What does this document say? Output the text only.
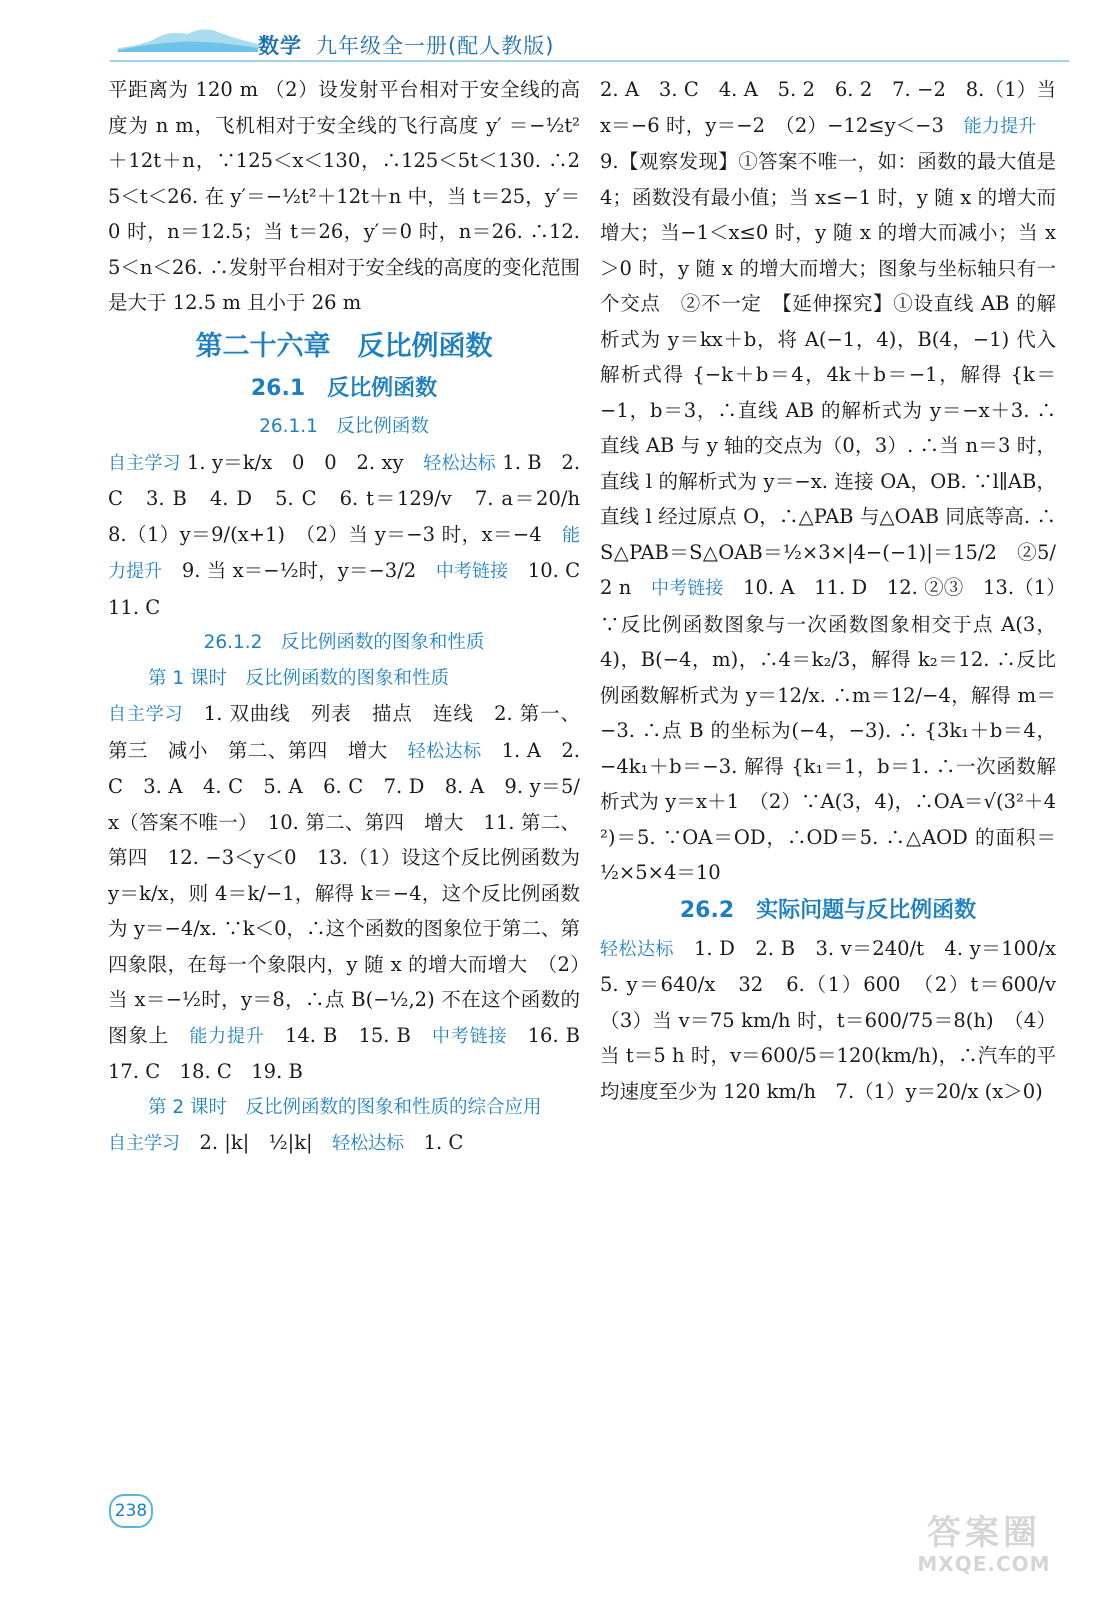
数学 九年级全一册(配人教版)

平距离为 120 m （2）设发射平台相对于安全线的高度为 n m，飞机相对于安全线的飞行高度 y′ ＝−½t² ＋12t＋n，∵125＜x＜130，∴125＜5t＜130. ∴25＜t＜26. 在 y′＝−½t²＋12t＋n 中，当 t＝25，y′＝0 时，n＝12.5；当 t＝26，y′＝0 时，n＝26. ∴12.5＜n＜26. ∴发射平台相对于安全线的高度的变化范围是大于 12.5 m 且小于 26 m

第二十六章　反比例函数
26.1　反比例函数
26.1.1　反比例函数

自主学习 1. y＝k/x　0　0　2. xy　轻松达标 1. B　2. C　3. B　4. D　5. C　6. t＝129/v　7. a＝20/h　8.（1）y＝9/(x+1)　（2）当 y＝−3 时，x＝−4　能力提升　9. 当 x＝−½时，y＝−3/2　中考链接　10. C　11. C

26.1.2　反比例函数的图象和性质
第 1 课时　反比例函数的图象和性质

自主学习　1. 双曲线　列表　描点　连线　2. 第一、第三　减小　第二、第四　增大　轻松达标　1. A　2. C　3. A　4. C　5. A　6. C　7. D　8. A　9. y＝5/x（答案不唯一）　10. 第二、第四　增大　11. 第二、第四　12. −3＜y＜0　13.（1）设这个反比例函数为 y＝k/x，则 4＝k/−1，解得 k＝−4，这个反比例函数为 y＝−4/x. ∵k＜0，∴这个函数的图象位于第二、第四象限，在每一个象限内，y 随 x 的增大而增大　（2）当 x＝−½时，y＝8，∴点 B(−½,2) 不在这个函数的图象上　能力提升　14. B　15. B　中考链接　16. B　17. C　18. C　19. B

第 2 课时　反比例函数的图象和性质的综合应用

自主学习　2. |k|　½|k|　轻松达标　1. C

2. A　3. C　4. A　5. 2　6. 2　7. −2　8.（1）当 x＝−6 时，y＝−2　（2）−12≤y＜−3　能力提升　9.【观察发现】①答案不唯一，如：函数的最大值是 4；函数没有最小值；当 x≤−1 时，y 随 x 的增大而增大；当−1＜x≤0 时，y 随 x 的增大而减小；当 x＞0 时，y 随 x 的增大而增大；图象与坐标轴只有一个交点　②不一定　【延伸探究】①设直线 AB 的解析式为 y＝kx＋b，将 A(−1，4)，B(4，−1) 代入解析式得 {−k＋b＝4，4k＋b＝−1，解得 {k＝−1，b＝3，∴直线 AB 的解析式为 y＝−x＋3. ∴直线 AB 与 y 轴的交点为（0，3）. ∴当 n＝3 时，直线 l 的解析式为 y＝−x. 连接 OA，OB. ∵l∥AB，直线 l 经过原点 O，∴△PAB 与△OAB 同底等高. ∴S△PAB＝S△OAB＝½×3×|4−(−1)|＝15/2　②5/2 n　中考链接　10. A　11. D　12. ②③　13.（1）∵反比例函数图象与一次函数图象相交于点 A(3，4)，B(−4，m)，∴4＝k₂/3，解得 k₂＝12. ∴反比例函数解析式为 y＝12/x. ∴m＝12/−4，解得 m＝−3. ∴点 B 的坐标为(−4，−3). ∴ {3k₁＋b＝4，−4k₁＋b＝−3. 解得 {k₁＝1，b＝1. ∴一次函数解析式为 y＝x＋1　（2）∵A(3，4)，∴OA＝√(3²＋4²)＝5. ∵OA＝OD，∴OD＝5. ∴△AOD 的面积＝½×5×4＝10

26.2　实际问题与反比例函数

轻松达标　1. D　2. B　3. v＝240/t　4. y＝100/x　5. y＝640/x　32　6.（1）600　（2）t＝600/v　（3）当 v＝75 km/h 时，t＝600/75＝8(h)　（4）当 t＝5 h 时，v＝600/5＝120(km/h)，∴汽车的平均速度至少为 120 km/h　7.（1）y＝20/x (x＞0)

238
答案圈
MXQE.COM
